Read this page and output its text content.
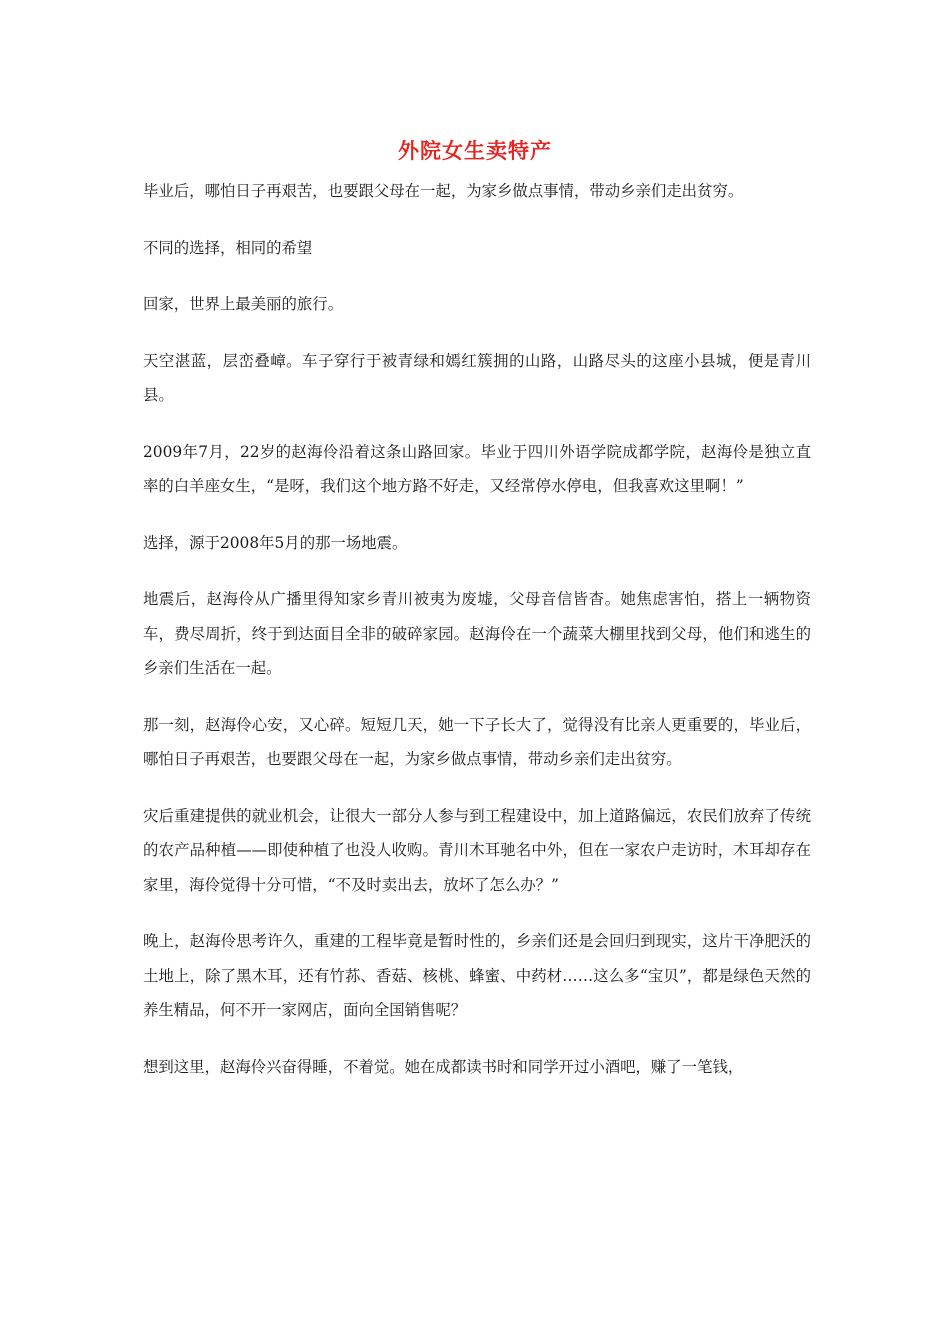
外院女生卖特产

毕业后，哪怕日子再艰苦，也要跟父母在一起，为家乡做点事情，带动乡亲们走出贫穷。

不同的选择，相同的希望

回家，世界上最美丽的旅行。

天空湛蓝，层峦叠嶂。车子穿行于被青绿和嫣红簇拥的山路，山路尽头的这座小县城，便是青川县。

2009年7月，22岁的赵海伶沿着这条山路回家。毕业于四川外语学院成都学院，赵海伶是独立直率的白羊座女生，“是呀，我们这个地方路不好走，又经常停水停电，但我喜欢这里啊！”

选择，源于2008年5月的那一场地震。

地震后，赵海伶从广播里得知家乡青川被夷为废墟，父母音信皆杳。她焦虑害怕，搭上一辆物资车，费尽周折，终于到达面目全非的破碎家园。赵海伶在一个蔬菜大棚里找到父母，他们和逃生的乡亲们生活在一起。

那一刻，赵海伶心安，又心碎。短短几天，她一下子长大了，觉得没有比亲人更重要的，毕业后，哪怕日子再艰苦，也要跟父母在一起，为家乡做点事情，带动乡亲们走出贫穷。

灾后重建提供的就业机会，让很大一部分人参与到工程建设中，加上道路偏远，农民们放弃了传统的农产品种植——即使种植了也没人收购。青川木耳驰名中外，但在一家农户走访时，木耳却存在家里，海伶觉得十分可惜，“不及时卖出去，放坏了怎么办？”

晚上，赵海伶思考许久，重建的工程毕竟是暂时性的，乡亲们还是会回归到现实，这片干净肥沃的土地上，除了黑木耳，还有竹荪、香菇、核桃、蜂蜜、中药材……这么多“宝贝”，都是绿色天然的养生精品，何不开一家网店，面向全国销售呢？

想到这里，赵海伶兴奋得睡，不着觉。她在成都读书时和同学开过小酒吧，赚了一笔钱，
